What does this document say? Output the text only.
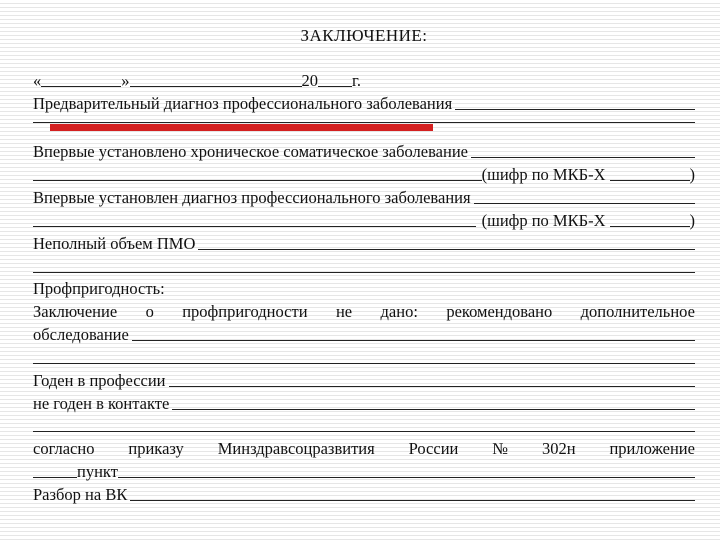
ЗАКЛЮЧЕНИЕ:
«	»	20 г.
Предварительный диагноз профессионального заболевания
Впервые установлено хроническое соматическое заболевание
(шифр по МКБ-Х	)
Впервые установлен диагноз профессионального заболевания
(шифр по МКБ-Х	)
Неполный объем ПМО
Профпригодность:
Заключение о профпригодности не дано: рекомендовано дополнительное
обследование
Годен в профессии
не годен в контакте
согласно приказу Минздравсоцразвития России № 302н приложение
пункт
Разбор на ВК
